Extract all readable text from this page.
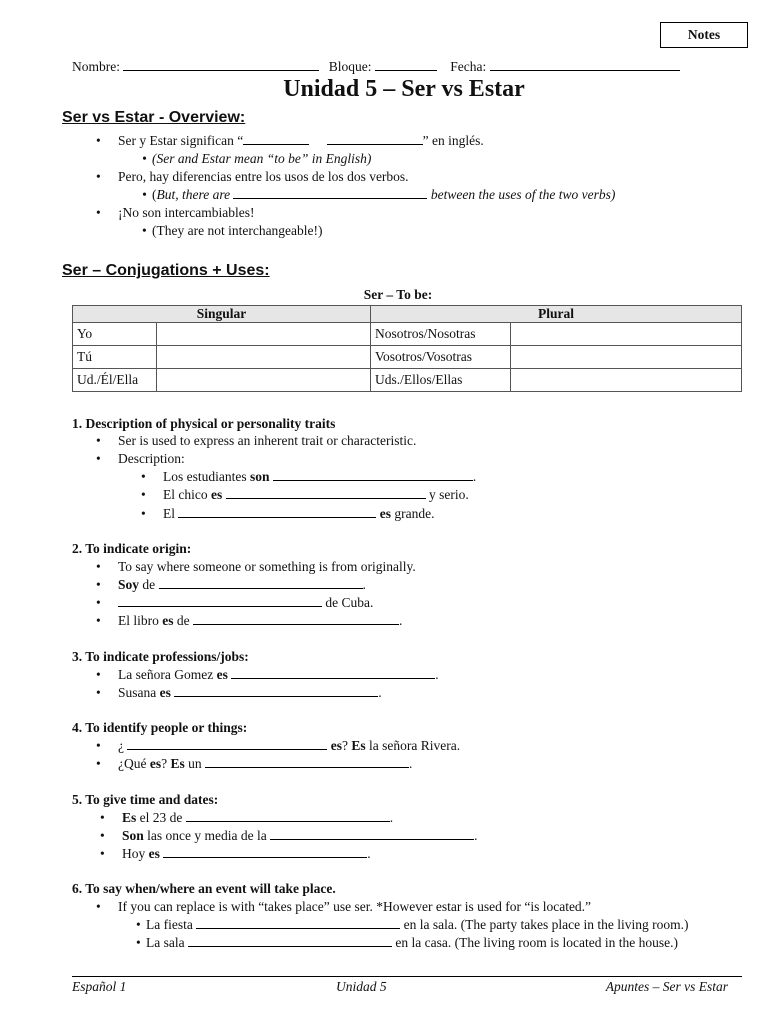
Notes
Nombre:	Bloque:	Fecha:
Unidad 5 – Ser vs Estar
Ser vs Estar - Overview:
• Ser y Estar significan “	” en inglés.
• (Ser and Estar mean “to be” in English)
• Pero, hay diferencias entre los usos de los dos verbos.
• (But, there are	between the uses of the two verbs)
• ¡No son intercambiables!
• (They are not interchangeable!)
Ser – Conjugations + Uses:
Ser – To be:
Singular		Plural	
Yo		Nosotros/Nosotras	
Tú		Vosotros/Vosotras	
Ud./Él/Ella		Uds./Ellos/Ellas	
1. Description of physical or personality traits
• Ser is used to express an inherent trait or characteristic.
• Description:
• Los estudiantes son	.
• El chico es	y serio.
• El	es grande.
2. To indicate origin:
• To say where someone or something is from originally.
• Soy de	.
• de Cuba.
• El libro es de	.
3. To indicate professions/jobs:
• La señora Gomez es	.
• Susana es	.
4. To identify people or things:
• ¿	es? Es la señora Rivera.
• ¿Qué es? Es un	.
5. To give time and dates:
• Es el 23 de	.
• Son las once y media de la	.
• Hoy es	.
6. To say when/where an event will take place.
• If you can replace is with “takes place” use ser. *However estar is used for “is located.”
• La fiesta	en la sala. (The party takes place in the living room.)
• La sala	en la casa. (The living room is located in the house.)
Español 1	Unidad 5	Apuntes – Ser vs Estar
